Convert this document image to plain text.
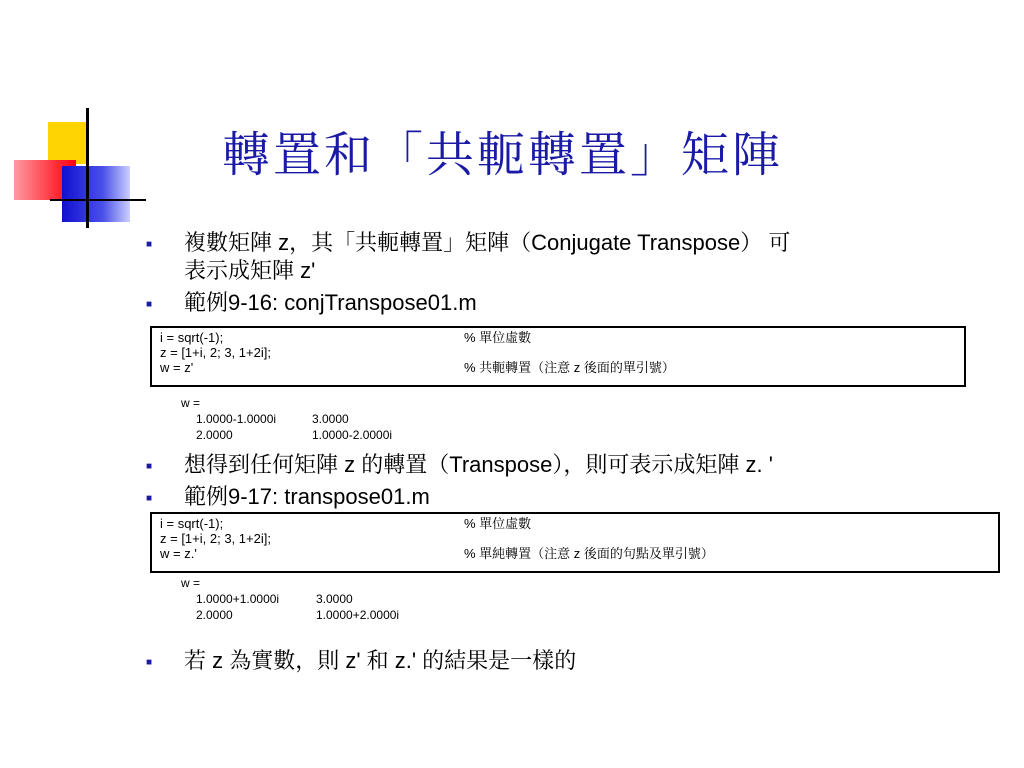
轉置和「共軛轉置」矩陣
■
複數矩陣 z，其「共軛轉置」矩陣（Conjugate Transpose） 可
表示成矩陣 z'
■
範例9-16: conjTranspose01.m
i = sqrt(-1);	% 單位虛數
z = [1+i, 2; 3, 1+2i];
w = z'	% 共軛轉置（注意 z 後面的單引號）
w =
1.0000-1.0000i	3.0000
2.0000	1.0000-2.0000i
■
想得到任何矩陣 z 的轉置（Transpose），則可表示成矩陣 z. '
■
範例9-17: transpose01.m
i = sqrt(-1);	% 單位虛數
z = [1+i, 2; 3, 1+2i];
w = z.'	% 單純轉置（注意 z 後面的句點及單引號）
w =
1.0000+1.0000i	3.0000
2.0000	1.0000+2.0000i
■
若 z 為實數，則 z' 和 z.' 的結果是一樣的
